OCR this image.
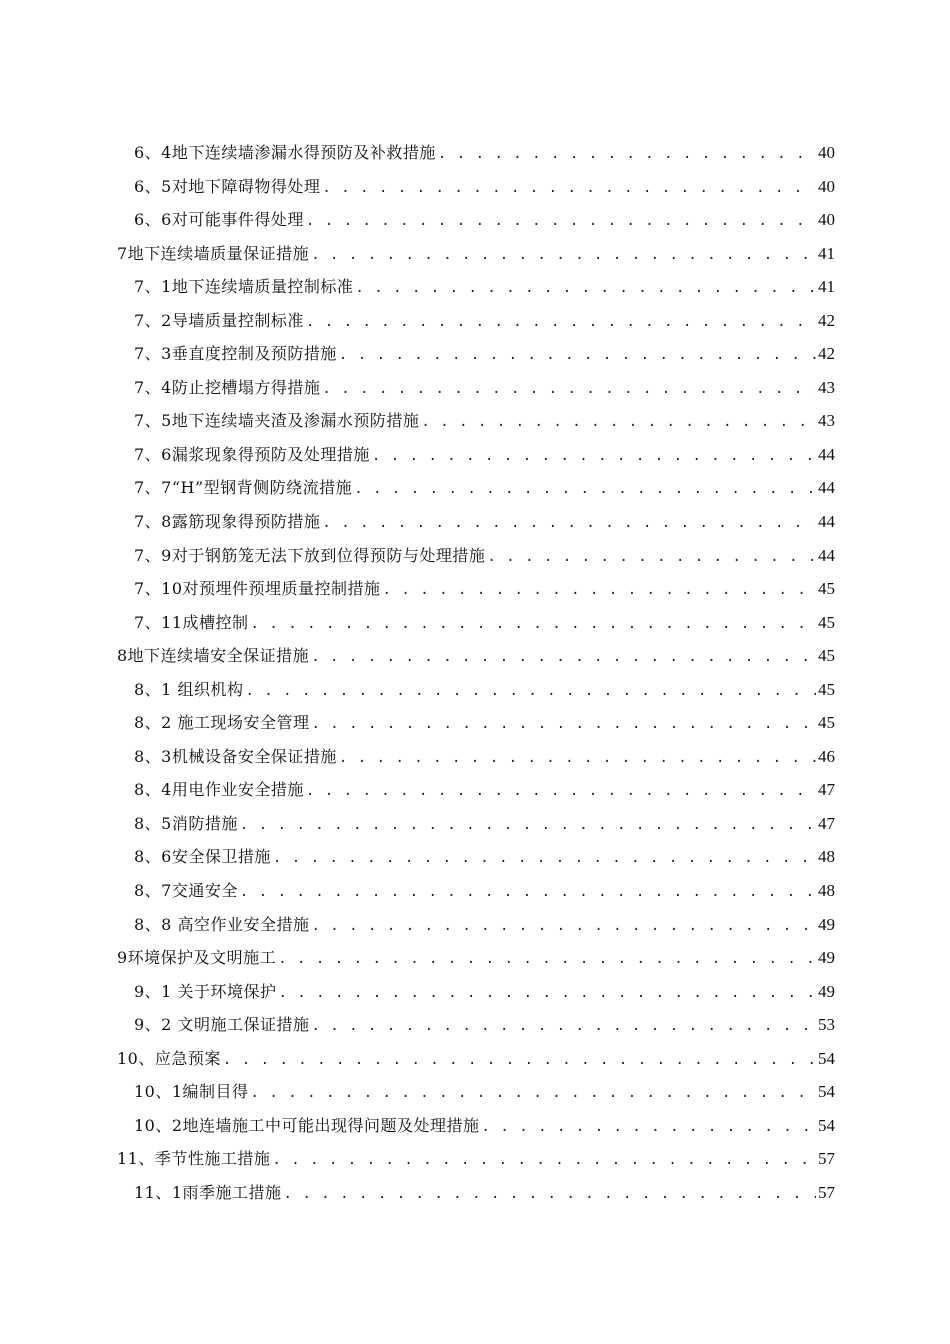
6、4地下连续墙渗漏水得预防及补救措施 . . .	40
6、5对地下障碍物得处理 . . .	40
6、6对可能事件得处理 . . .	40
7地下连续墙质量保证措施 . . .	41
7、1地下连续墙质量控制标准 . . .	41
7、2导墙质量控制标准 . . .	42
7、3垂直度控制及预防措施 . . .	42
7、4防止挖槽塌方得措施 . . .	43
7、5地下连续墙夹渣及渗漏水预防措施 . . .	43
7、6漏浆现象得预防及处理措施 . . .	44
7、7“H”型钢背侧防绕流措施 . . .	44
7、8露筋现象得预防措施 . . .	44
7、9对于钢筋笼无法下放到位得预防与处理措施 . . .	44
7、10对预埋件预埋质量控制措施 . . .	45
7、11成槽控制 . . .	45
8地下连续墙安全保证措施 . . .	45
8、1 组织机构 . . .	45
8、2 施工现场安全管理 . . .	45
8、3机械设备安全保证措施 . . .	46
8、4用电作业安全措施 . . .	47
8、5消防措施 . . .	47
8、6安全保卫措施 . . .	48
8、7交通安全 . . .	48
8、8 高空作业安全措施 . . .	49
9环境保护及文明施工 . . .	49
9、1 关于环境保护 . . .	49
9、2 文明施工保证措施 . . .	53
10、应急预案 . . .	54
10、1编制目得 . . .	54
10、2地连墙施工中可能出现得问题及处理措施 . . .	54
11、季节性施工措施 . . .	57
11、1雨季施工措施 . . .	57
